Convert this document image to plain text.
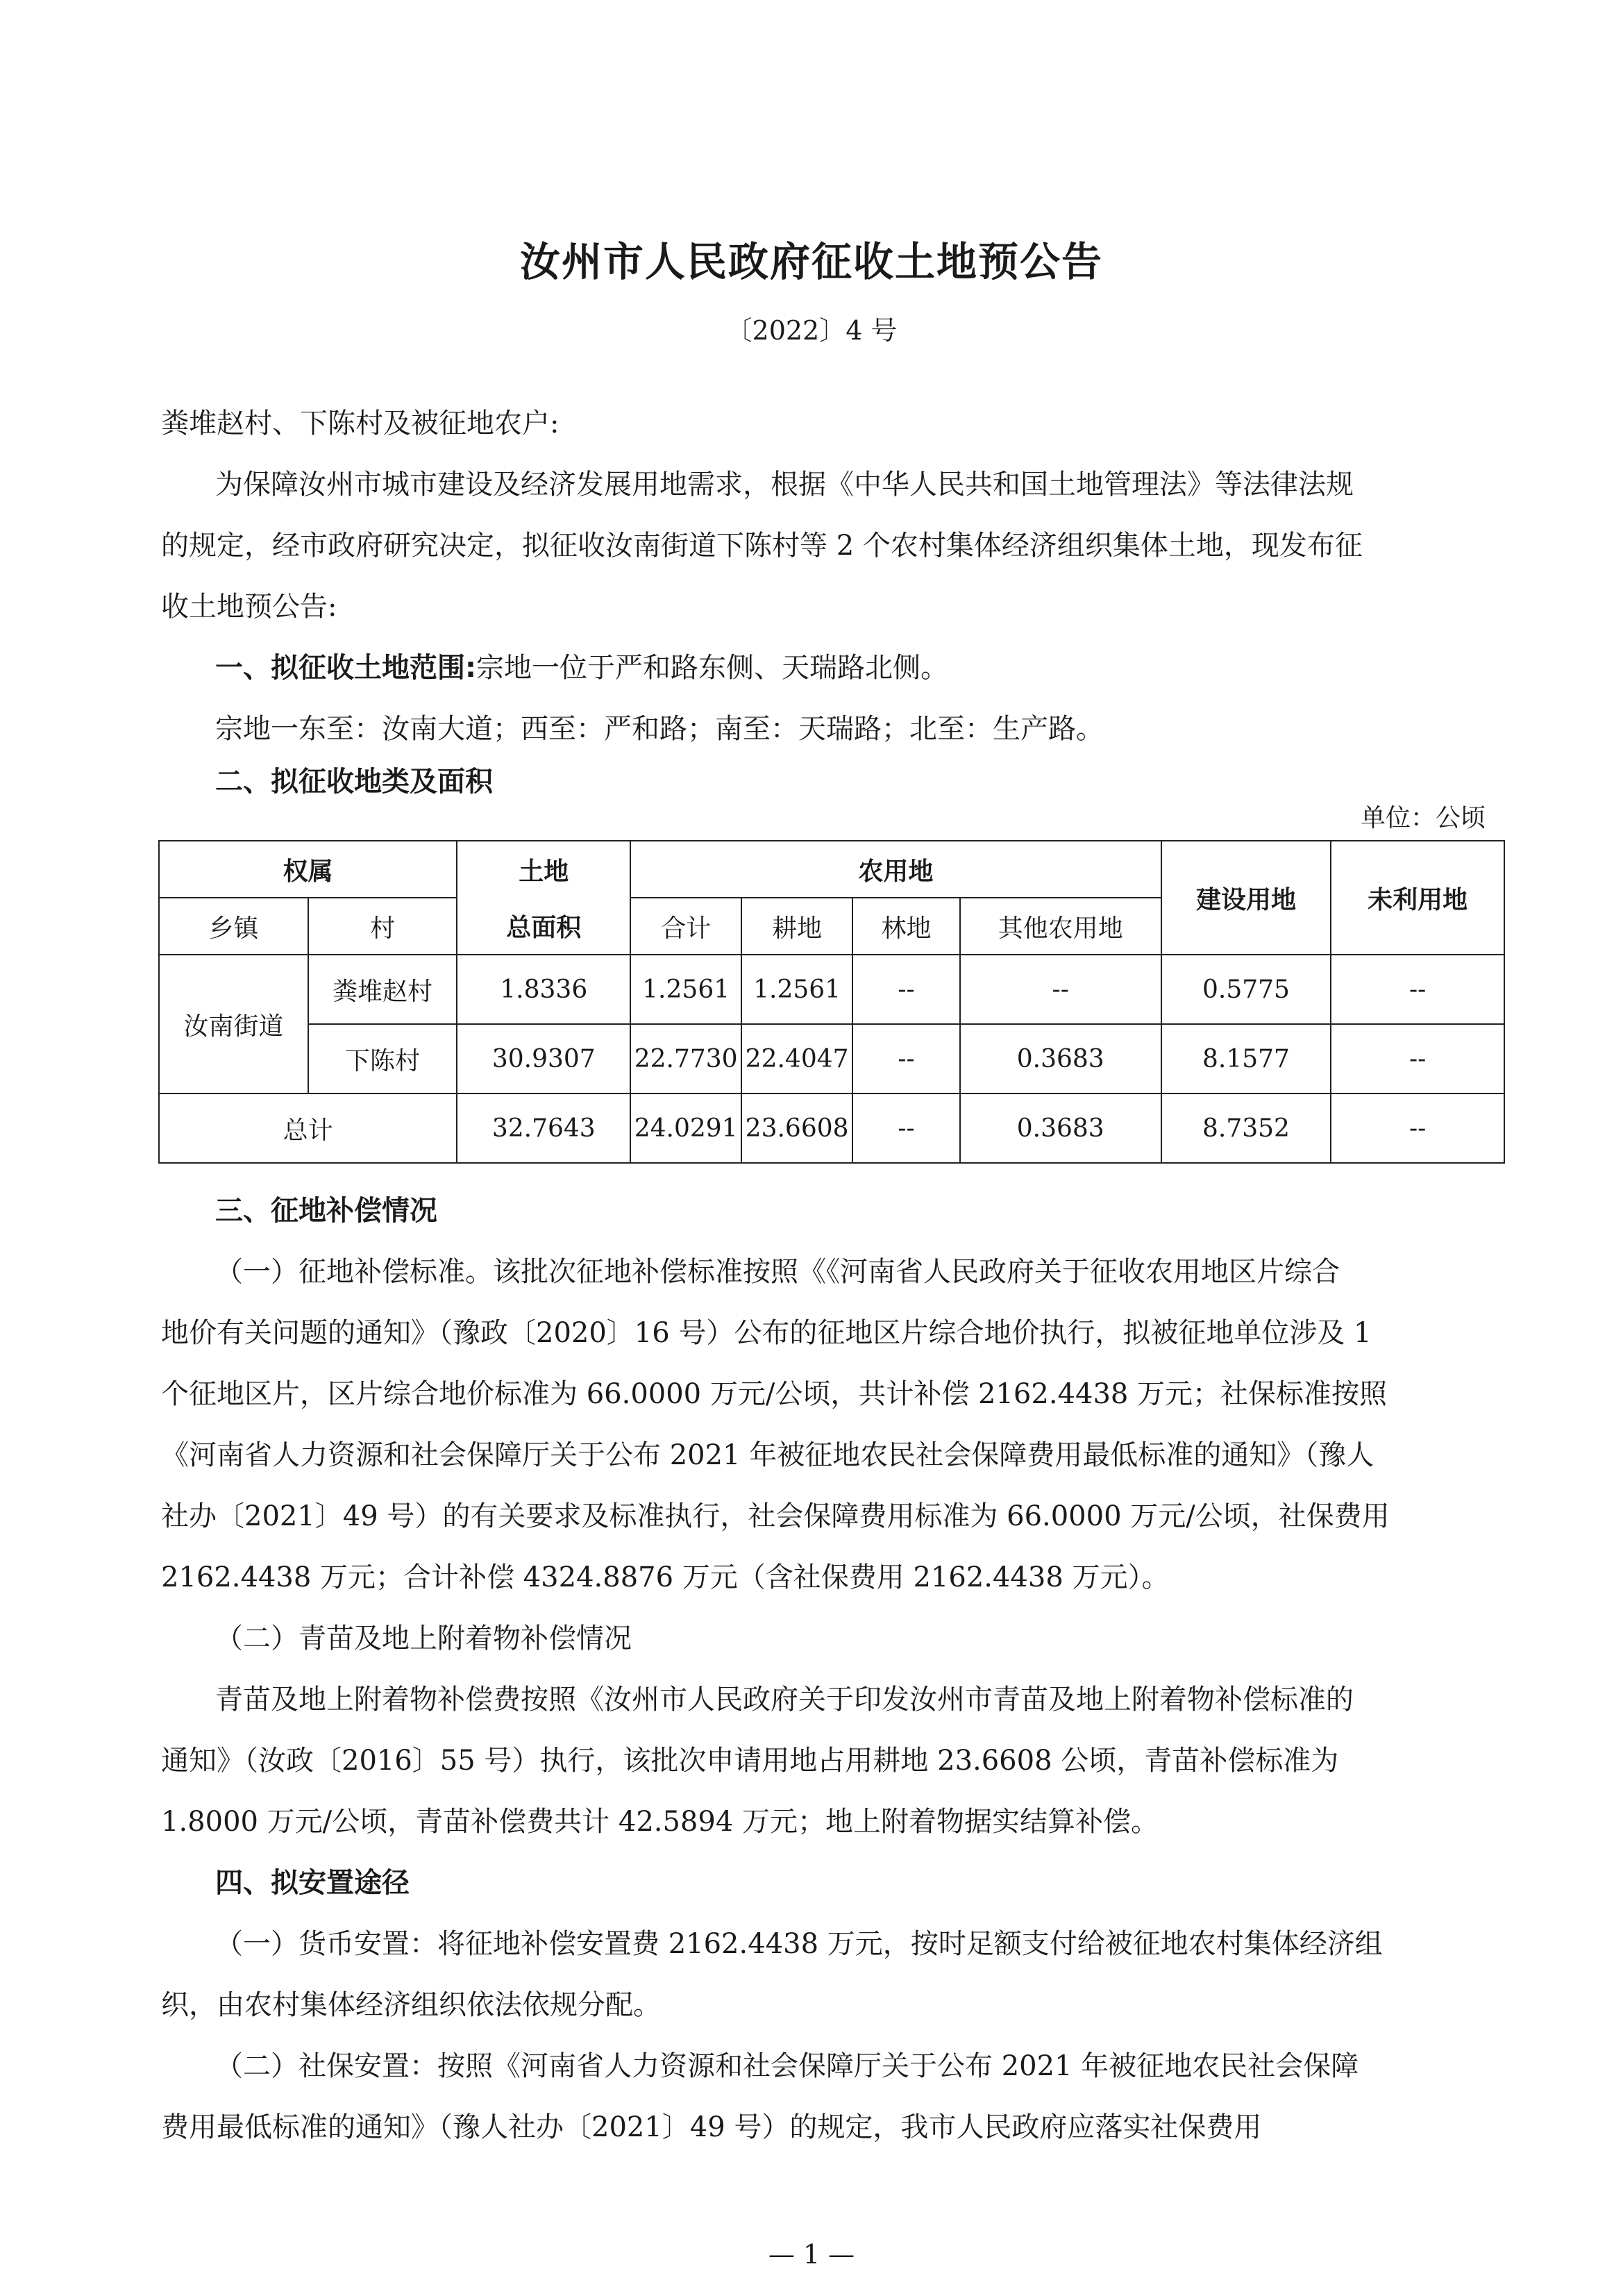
汝州市人民政府征收土地预公告
〔2022〕4 号
粪堆赵村、下陈村及被征地农户:
为保障汝州市城市建设及经济发展用地需求，根据《中华人民共和国土地管理法》等法律法规
的规定，经市政府研究决定，拟征收汝南街道下陈村等 2 个农村集体经济组织集体土地，现发布征
收土地预公告:
一、拟征收土地范围:宗地一位于严和路东侧、天瑞路北侧。
宗地一东至：汝南大道；西至：严和路；南至：天瑞路；北至：生产路。
二、拟征收地类及面积
单位：公顷
权属		土地	农用地				建设用地	未利用地
乡镇	村	总面积	合计	耕地	林地	其他农用地		
汝南街道	粪堆赵村	1.8336	1.2561	1.2561	--	--	0.5775	--
	下陈村	30.9307	22.7730	22.4047	--	0.3683	8.1577	--
总计		32.7643	24.0291	23.6608	--	0.3683	8.7352	--
三、征地补偿情况
（一）征地补偿标准。该批次征地补偿标准按照《《河南省人民政府关于征收农用地区片综合
地价有关问题的通知》（豫政〔2020〕16 号）公布的征地区片综合地价执行，拟被征地单位涉及 1
个征地区片，区片综合地价标准为 66.0000 万元/公顷，共计补偿 2162.4438 万元；社保标准按照
《河南省人力资源和社会保障厅关于公布 2021 年被征地农民社会保障费用最低标准的通知》（豫人
社办〔2021〕49 号）的有关要求及标准执行，社会保障费用标准为 66.0000 万元/公顷，社保费用
2162.4438 万元；合计补偿 4324.8876 万元（含社保费用 2162.4438 万元）。
（二）青苗及地上附着物补偿情况
青苗及地上附着物补偿费按照《汝州市人民政府关于印发汝州市青苗及地上附着物补偿标准的
通知》（汝政〔2016〕55 号）执行，该批次申请用地占用耕地 23.6608 公顷，青苗补偿标准为
1.8000 万元/公顷，青苗补偿费共计 42.5894 万元；地上附着物据实结算补偿。
四、拟安置途径
（一）货币安置：将征地补偿安置费 2162.4438 万元，按时足额支付给被征地农村集体经济组
织，由农村集体经济组织依法依规分配。
（二）社保安置：按照《河南省人力资源和社会保障厅关于公布 2021 年被征地农民社会保障
费用最低标准的通知》（豫人社办〔2021〕49 号）的规定，我市人民政府应落实社保费用
— 1 —
